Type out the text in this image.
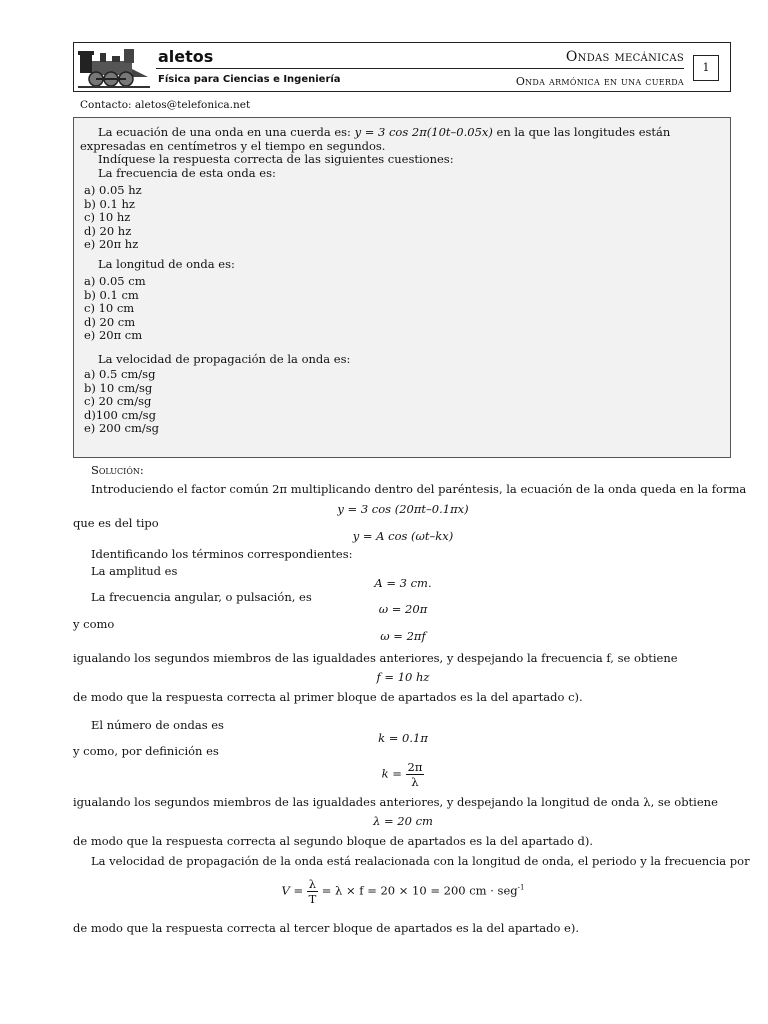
aletos
Física para Ciencias e Ingeniería
Ondas mecánicas
Onda armónica en una cuerda
1
Contacto: aletos@telefonica.net

La ecuación de una onda en una cuerda es: y = 3 cos 2π(10t–0.05x) en la que las longitudes están expresadas en centímetros y el tiempo en segundos.

Indíquese la respuesta correcta de las siguientes cuestiones:

La frecuencia de esta onda es:

a) 0.05 hz
b) 0.1 hz
c) 10 hz
d) 20 hz
e) 20π hz

La longitud de onda es:

a) 0.05 cm
b) 0.1 cm
c) 10 cm
d) 20 cm
e) 20π cm

La velocidad de propagación de la onda es:

a) 0.5 cm/sg
b) 10 cm/sg
c) 20 cm/sg
d)100 cm/sg
e) 200 cm/sg
Solución:
Introduciendo el factor común 2π multiplicando dentro del paréntesis, la ecuación de la onda queda en la forma
y = 3 cos (20πt–0.1πx)
que es del tipo
y = A cos (ωt–kx)
Identificando los términos correspondientes:
La amplitud es
A = 3 cm.
La frecuencia angular, o pulsación, es
ω = 20π
y como
ω = 2πf
igualando los segundos miembros de las igualdades anteriores, y despejando la frecuencia f, se obtiene
f = 10 hz
de modo que la respuesta correcta al primer bloque de apartados es la del apartado c).
El número de ondas es
k = 0.1π
y como, por definición es
$k = \frac{2\pi}{\lambda}$
igualando los segundos miembros de las igualdades anteriores, y despejando la longitud de onda λ, se obtiene
λ = 20 cm
de modo que la respuesta correcta al segundo bloque de apartados es la del apartado d).
La velocidad de propagación de la onda está realacionada con la longitud de onda, el periodo y la frecuencia por
$V = \frac{\lambda}{T} = \lambda \times f = 20 \times 10 = 200$ cm · seg$^{-1}$
de modo que la respuesta correcta al tercer bloque de apartados es la del apartado e).
